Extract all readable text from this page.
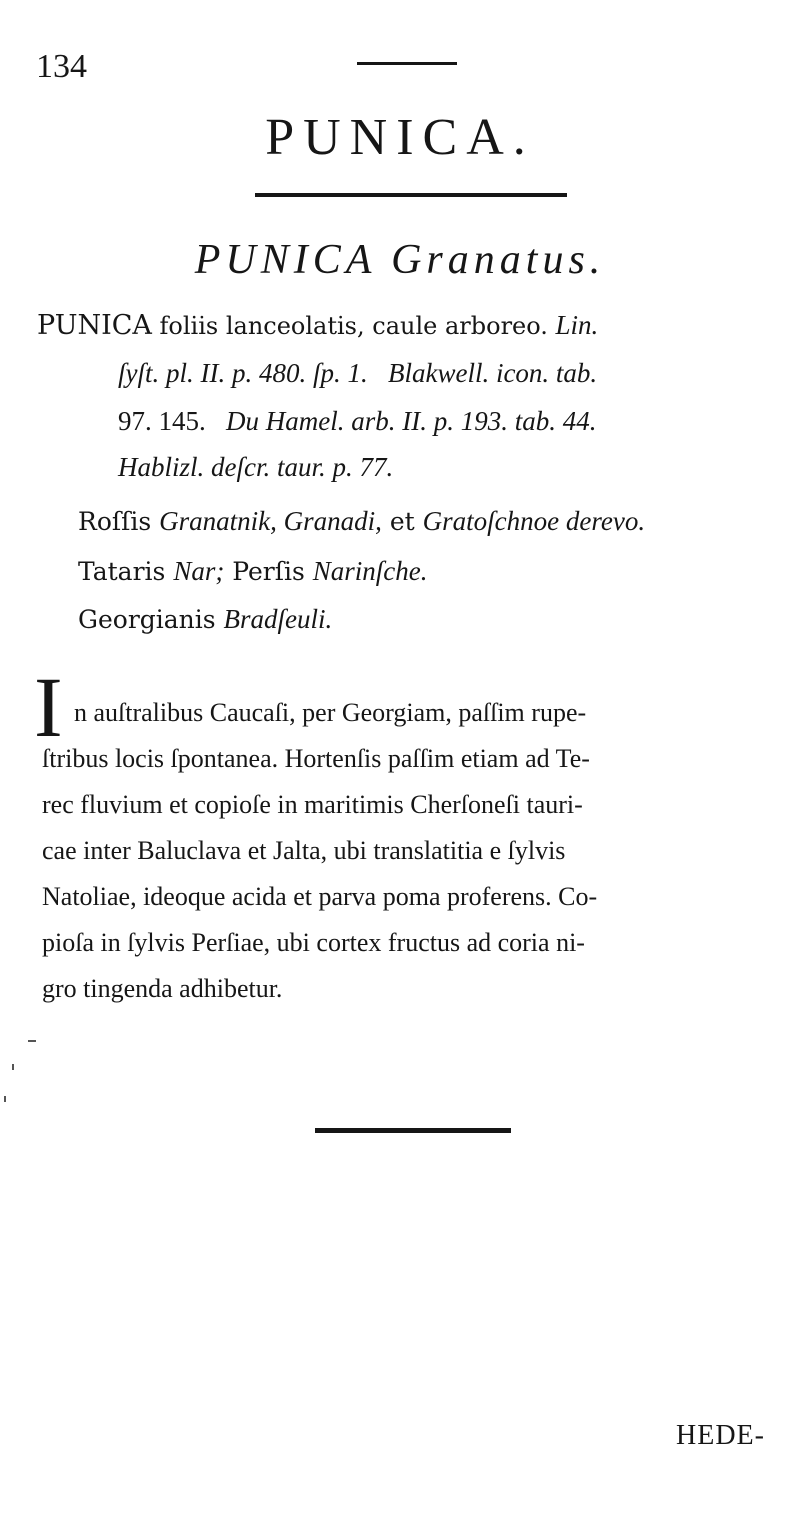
134
PUNICA.
PUNICA Granatus.
PUNICA foliis lanceolatis, caule arboreo. Lin.
ſyſt. pl. II. p. 480. ſp. 1.   Blakwell. icon. tab.
97. 145.   Du Hamel. arb. II. p. 193. tab. 44.
Hablizl. deſcr. taur. p. 77.
Roſſis Granatnik, Granadi, et Gratoſchnoe derevo.
Tataris Nar; Perſis Narinſche.
Georgianis Bradſeuli.
I n auſtralibus Caucaſi, per Georgiam, paſſim rupe-
ſtribus locis ſpontanea. Hortenſis paſſim etiam ad Te-
rec fluvium et copioſe in maritimis Cherſoneſi tauri-
cae inter Baluclava et Jalta, ubi translatitia e ſylvis
Natoliae, ideoque acida et parva poma proferens. Co-
pioſa in ſylvis Perſiae, ubi cortex fructus ad coria ni-
gro tingenda adhibetur.
HEDE-
